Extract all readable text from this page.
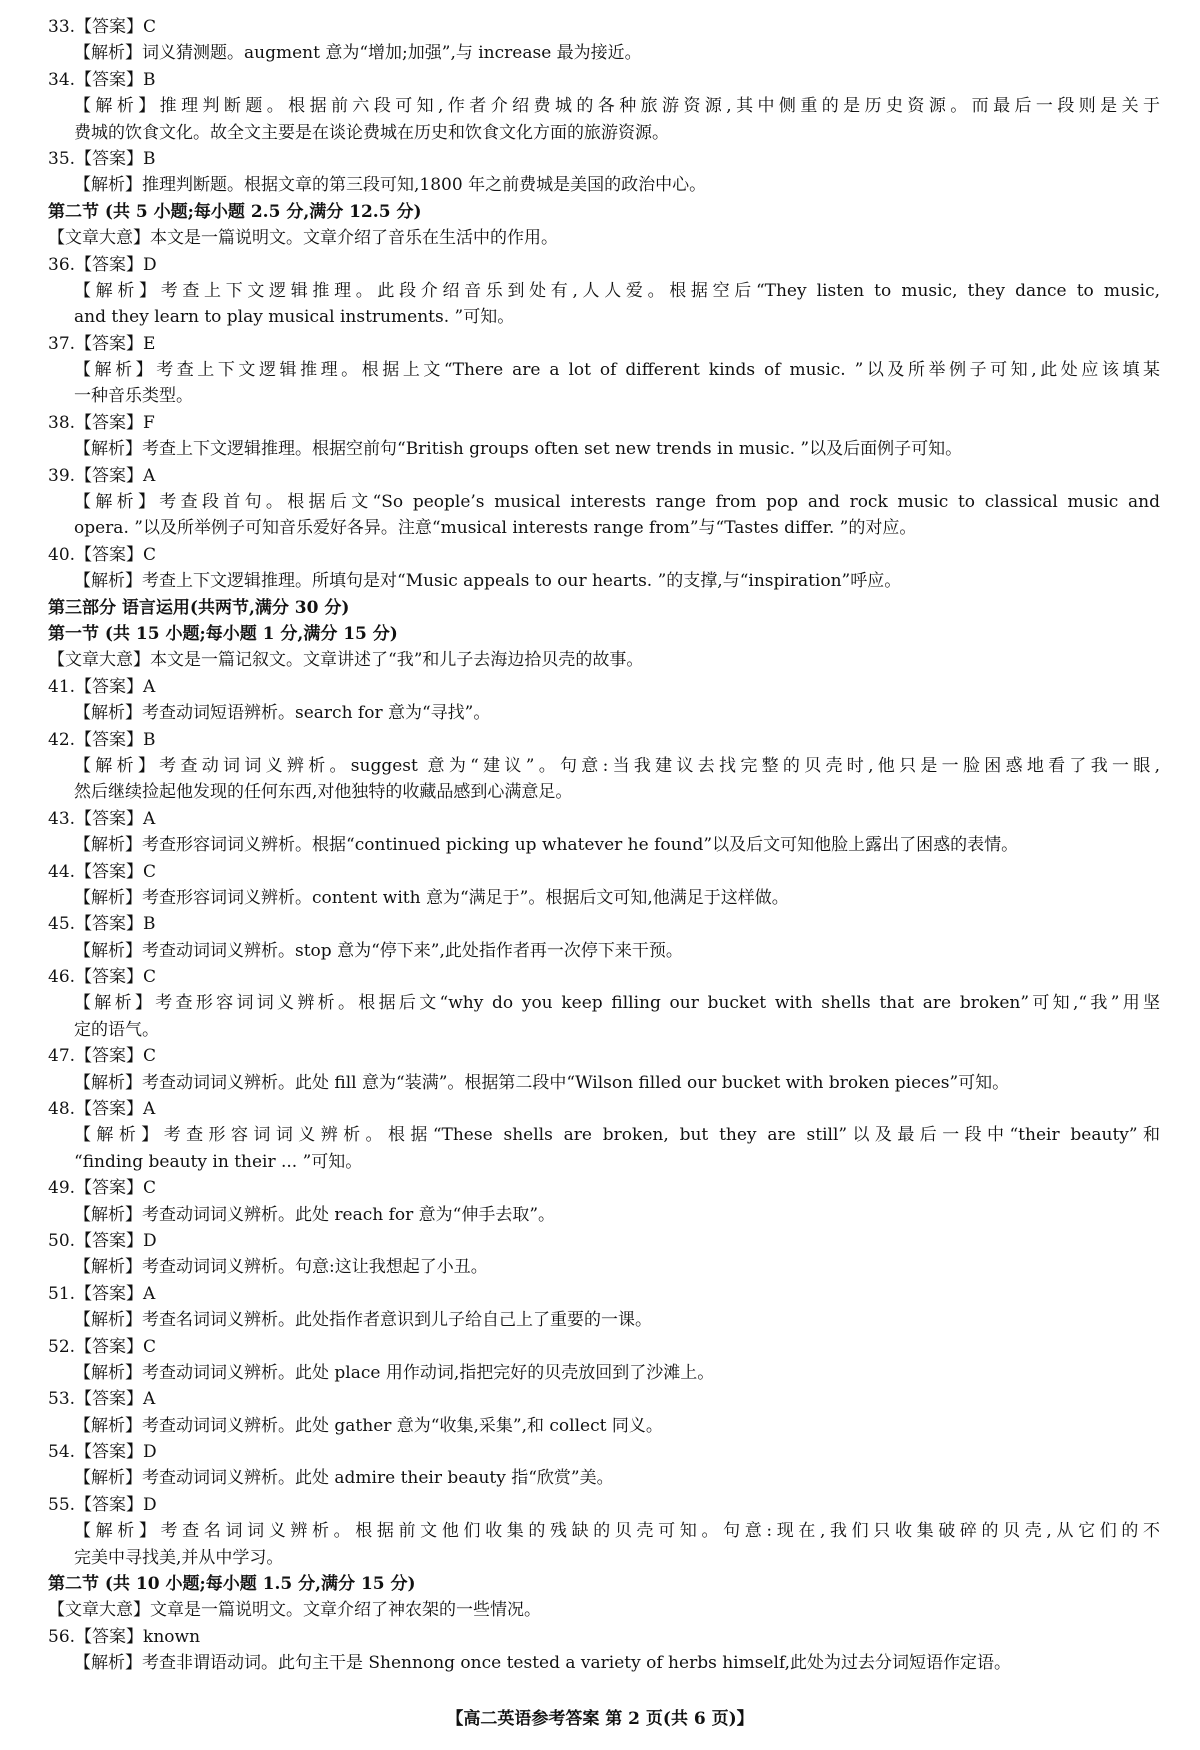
33.【答案】C
【解析】词义猜测题。augment 意为“增加;加强”,与 increase 最为接近。
34.【答案】B
【解析】推理判断题。根据前六段可知,作者介绍费城的各种旅游资源,其中侧重的是历史资源。而最后一段则是关于
费城的饮食文化。故全文主要是在谈论费城在历史和饮食文化方面的旅游资源。
35.【答案】B
【解析】推理判断题。根据文章的第三段可知,1800 年之前费城是美国的政治中心。
第二节 (共 5 小题;每小题 2.5 分,满分 12.5 分)
【文章大意】本文是一篇说明文。文章介绍了音乐在生活中的作用。
36.【答案】D
【解析】考查上下文逻辑推理。此段介绍音乐到处有,人人爱。根据空后“They listen to music, they dance to music,
and they learn to play musical instruments. ”可知。
37.【答案】E
【解析】考查上下文逻辑推理。根据上文“There are a lot of different kinds of music. ”以及所举例子可知,此处应该填某
一种音乐类型。
38.【答案】F
【解析】考查上下文逻辑推理。根据空前句“British groups often set new trends in music. ”以及后面例子可知。
39.【答案】A
【解析】考查段首句。根据后文“So people’s musical interests range from pop and rock music to classical music and
opera. ”以及所举例子可知音乐爱好各异。注意“musical interests range from”与“Tastes differ. ”的对应。
40.【答案】C
【解析】考查上下文逻辑推理。所填句是对“Music appeals to our hearts. ”的支撑,与“inspiration”呼应。
第三部分 语言运用(共两节,满分 30 分)
第一节 (共 15 小题;每小题 1 分,满分 15 分)
【文章大意】本文是一篇记叙文。文章讲述了“我”和儿子去海边拾贝壳的故事。
41.【答案】A
【解析】考查动词短语辨析。search for 意为“寻找”。
42.【答案】B
【解析】考查动词词义辨析。suggest 意为“建议”。句意:当我建议去找完整的贝壳时,他只是一脸困惑地看了我一眼,
然后继续捡起他发现的任何东西,对他独特的收藏品感到心满意足。
43.【答案】A
【解析】考查形容词词义辨析。根据“continued picking up whatever he found”以及后文可知他脸上露出了困惑的表情。
44.【答案】C
【解析】考查形容词词义辨析。content with 意为“满足于”。根据后文可知,他满足于这样做。
45.【答案】B
【解析】考查动词词义辨析。stop 意为“停下来”,此处指作者再一次停下来干预。
46.【答案】C
【解析】考查形容词词义辨析。根据后文“why do you keep filling our bucket with shells that are broken”可知,“我”用坚
定的语气。
47.【答案】C
【解析】考查动词词义辨析。此处 fill 意为“装满”。根据第二段中“Wilson filled our bucket with broken pieces”可知。
48.【答案】A
【解析】考查形容词词义辨析。根据“These shells are broken, but they are still”以及最后一段中“their beauty”和
“finding beauty in their ... ”可知。
49.【答案】C
【解析】考查动词词义辨析。此处 reach for 意为“伸手去取”。
50.【答案】D
【解析】考查动词词义辨析。句意:这让我想起了小丑。
51.【答案】A
【解析】考查名词词义辨析。此处指作者意识到儿子给自己上了重要的一课。
52.【答案】C
【解析】考查动词词义辨析。此处 place 用作动词,指把完好的贝壳放回到了沙滩上。
53.【答案】A
【解析】考查动词词义辨析。此处 gather 意为“收集,采集”,和 collect 同义。
54.【答案】D
【解析】考查动词词义辨析。此处 admire their beauty 指“欣赏”美。
55.【答案】D
【解析】考查名词词义辨析。根据前文他们收集的残缺的贝壳可知。句意:现在,我们只收集破碎的贝壳,从它们的不
完美中寻找美,并从中学习。
第二节 (共 10 小题;每小题 1.5 分,满分 15 分)
【文章大意】文章是一篇说明文。文章介绍了神农架的一些情况。
56.【答案】known
【解析】考查非谓语动词。此句主干是 Shennong once tested a variety of herbs himself,此处为过去分词短语作定语。
【高二英语参考答案 第 2 页(共 6 页)】
